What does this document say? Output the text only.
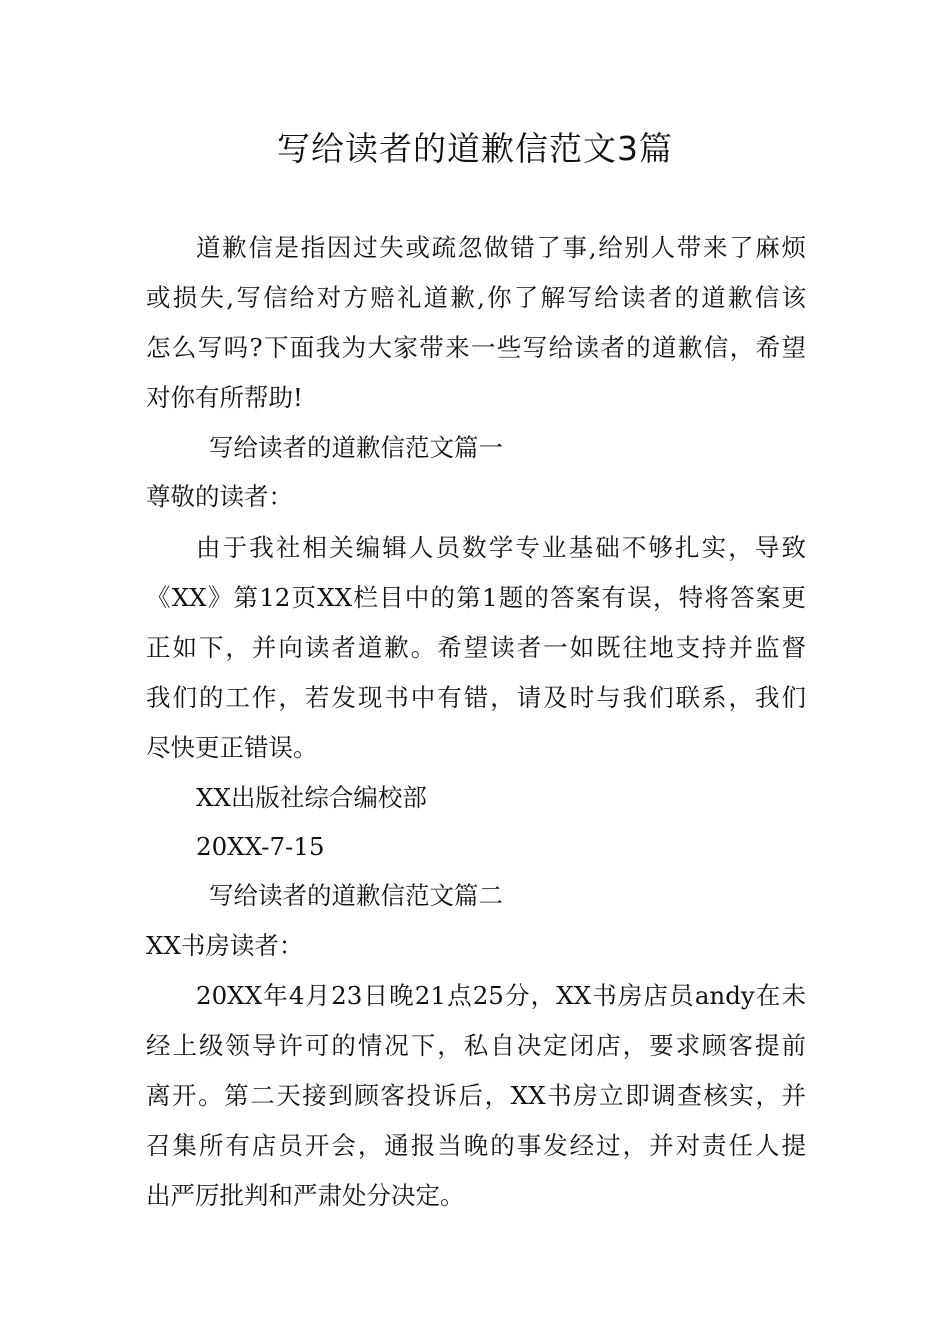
写给读者的道歉信范文3篇
道歉信是指因过失或疏忽做错了事,给别人带来了麻烦
或损失,写信给对方赔礼道歉,你了解写给读者的道歉信该
怎么写吗?下面我为大家带来一些写给读者的道歉信，希望
对你有所帮助!
写给读者的道歉信范文篇一
尊敬的读者：
由于我社相关编辑人员数学专业基础不够扎实，导致
《XX》第12页XX栏目中的第1题的答案有误，特将答案更
正如下，并向读者道歉。希望读者一如既往地支持并监督
我们的工作，若发现书中有错，请及时与我们联系，我们
尽快更正错误。
XX出版社综合编校部
20XX-7-15
写给读者的道歉信范文篇二
XX书房读者：
20XX年4月23日晚21点25分，XX书房店员andy在未
经上级领导许可的情况下，私自决定闭店，要求顾客提前
离开。第二天接到顾客投诉后，XX书房立即调查核实，并
召集所有店员开会，通报当晚的事发经过，并对责任人提
出严厉批判和严肃处分决定。
